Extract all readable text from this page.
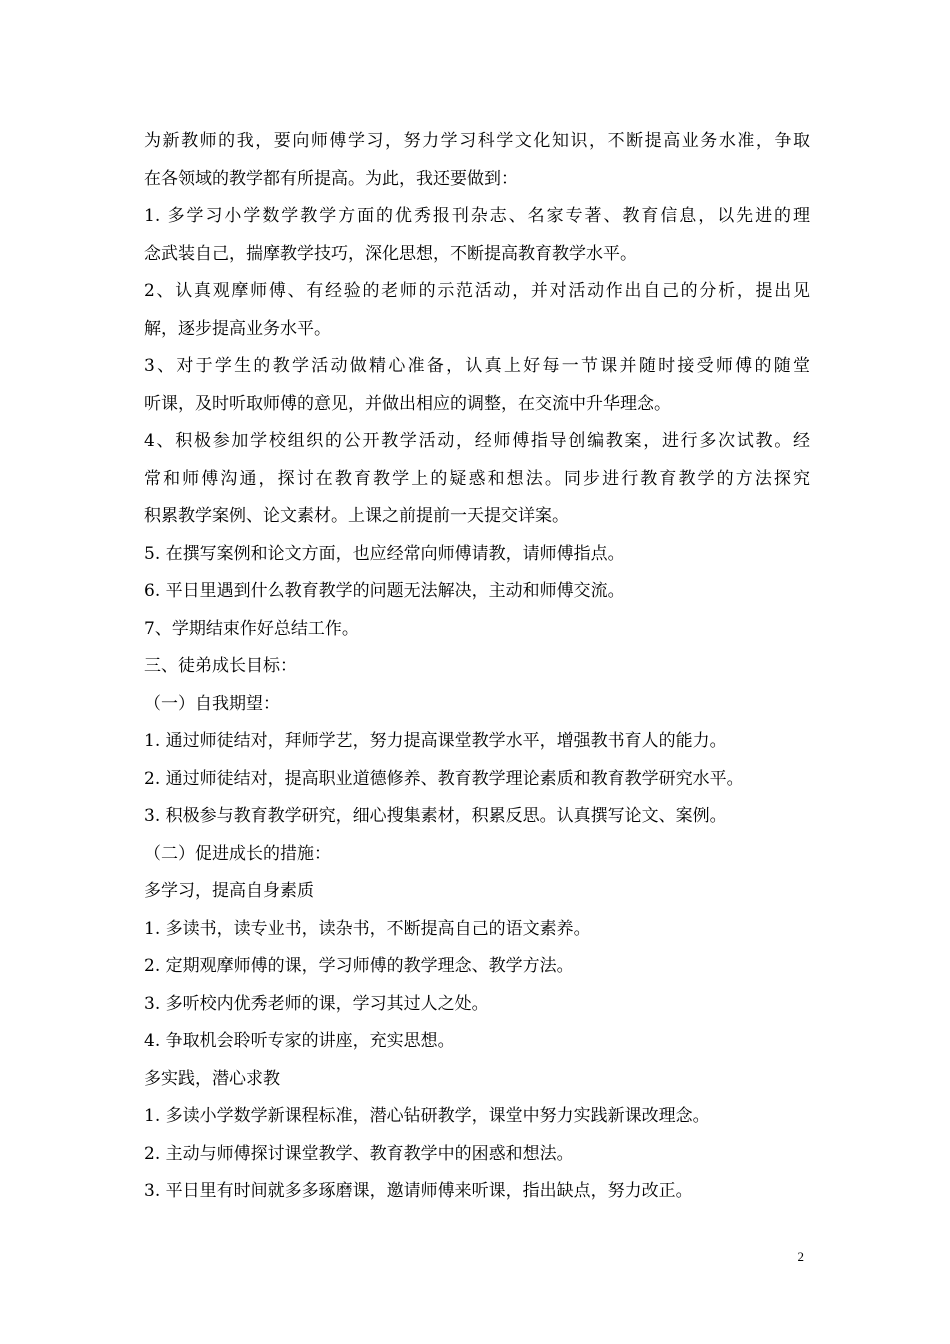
为新教师的我，要向师傅学习，努力学习科学文化知识，不断提高业务水准，争取
在各领域的教学都有所提高。为此，我还要做到：
1. 多学习小学数学教学方面的优秀报刊杂志、名家专著、教育信息，以先进的理
念武装自己，揣摩教学技巧，深化思想，不断提高教育教学水平。
2、认真观摩师傅、有经验的老师的示范活动，并对活动作出自己的分析，提出见
解，逐步提高业务水平。
3、对于学生的教学活动做精心准备，认真上好每一节课并随时接受师傅的随堂
听课，及时听取师傅的意见，并做出相应的调整，在交流中升华理念。
4、积极参加学校组织的公开教学活动，经师傅指导创编教案，进行多次试教。经
常和师傅沟通，探讨在教育教学上的疑惑和想法。同步进行教育教学的方法探究
积累教学案例、论文素材。上课之前提前一天提交详案。
5. 在撰写案例和论文方面，也应经常向师傅请教，请师傅指点。
6. 平日里遇到什么教育教学的问题无法解决，主动和师傅交流。
7、学期结束作好总结工作。
三、徒弟成长目标：
（一）自我期望：
1. 通过师徒结对，拜师学艺，努力提高课堂教学水平，增强教书育人的能力。
2. 通过师徒结对，提高职业道德修养、教育教学理论素质和教育教学研究水平。
3. 积极参与教育教学研究，细心搜集素材，积累反思。认真撰写论文、案例。
（二）促进成长的措施：
多学习，提高自身素质
1. 多读书，读专业书，读杂书，不断提高自己的语文素养。
2. 定期观摩师傅的课，学习师傅的教学理念、教学方法。
3. 多听校内优秀老师的课，学习其过人之处。
4. 争取机会聆听专家的讲座，充实思想。
多实践，潜心求教
1. 多读小学数学新课程标准，潜心钻研教学，课堂中努力实践新课改理念。
2. 主动与师傅探讨课堂教学、教育教学中的困惑和想法。
3. 平日里有时间就多多琢磨课，邀请师傅来听课，指出缺点，努力改正。
2
